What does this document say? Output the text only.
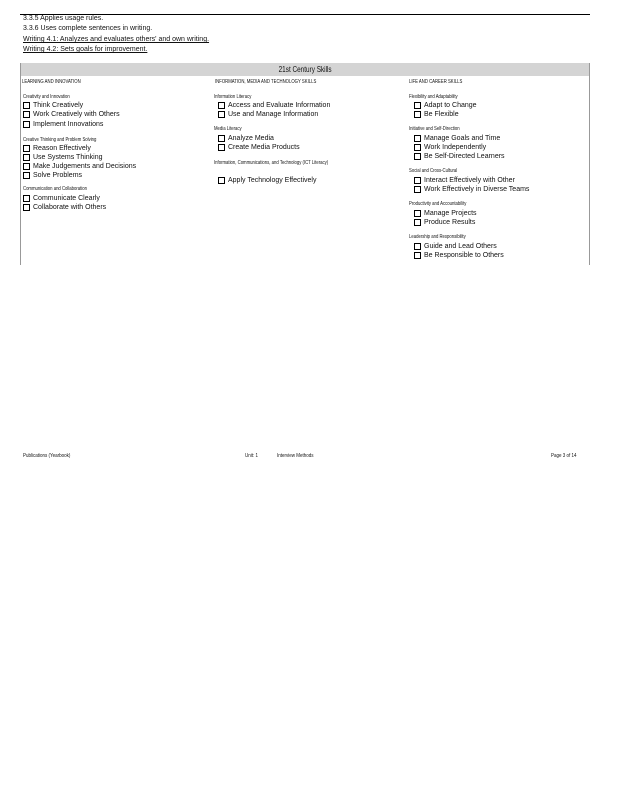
3.3.5 Applies usage rules.
3.3.6 Uses complete sentences in writing.
Writing 4.1: Analyzes and evaluates others' and own writing.
Writing 4.2: Sets goals for improvement.
21st Century Skills
LEARNING AND INNOVATION
Creativity and Innovation
Think Creatively
Work Creatively with Others
Implement Innovations
Creative Thinking and Problem Solving
Reason Effectively
Use Systems Thinking
Make Judgements and Decisions
Solve Problems
Communication and Collaboration
Communicate Clearly
Collaborate with Others
INFORMATION, MEDIA AND TECHNOLOGY SKILLS
Information Literacy
Access and Evaluate Information
Use and Manage Information
Media Literacy
Analyze Media
Create Media Products
Information, Communications, and Technology (ICT Literacy)
Apply Technology Effectively
LIFE AND CAREER SKILLS
Flexibility and Adaptability
Adapt to Change
Be Flexible
Initiative and Self-Direction
Manage Goals and Time
Work Independently
Be Self-Directed Learners
Social and Cross-Cultural
Interact Effectively with Other
Work Effectively in Diverse Teams
Productivity and Accountability
Manage Projects
Produce Results
Leadership and Responsibility
Guide and Lead Others
Be Responsible to Others
Publications (Yearbook)	Unit: 1	Interview Methods	Page 3 of 14
